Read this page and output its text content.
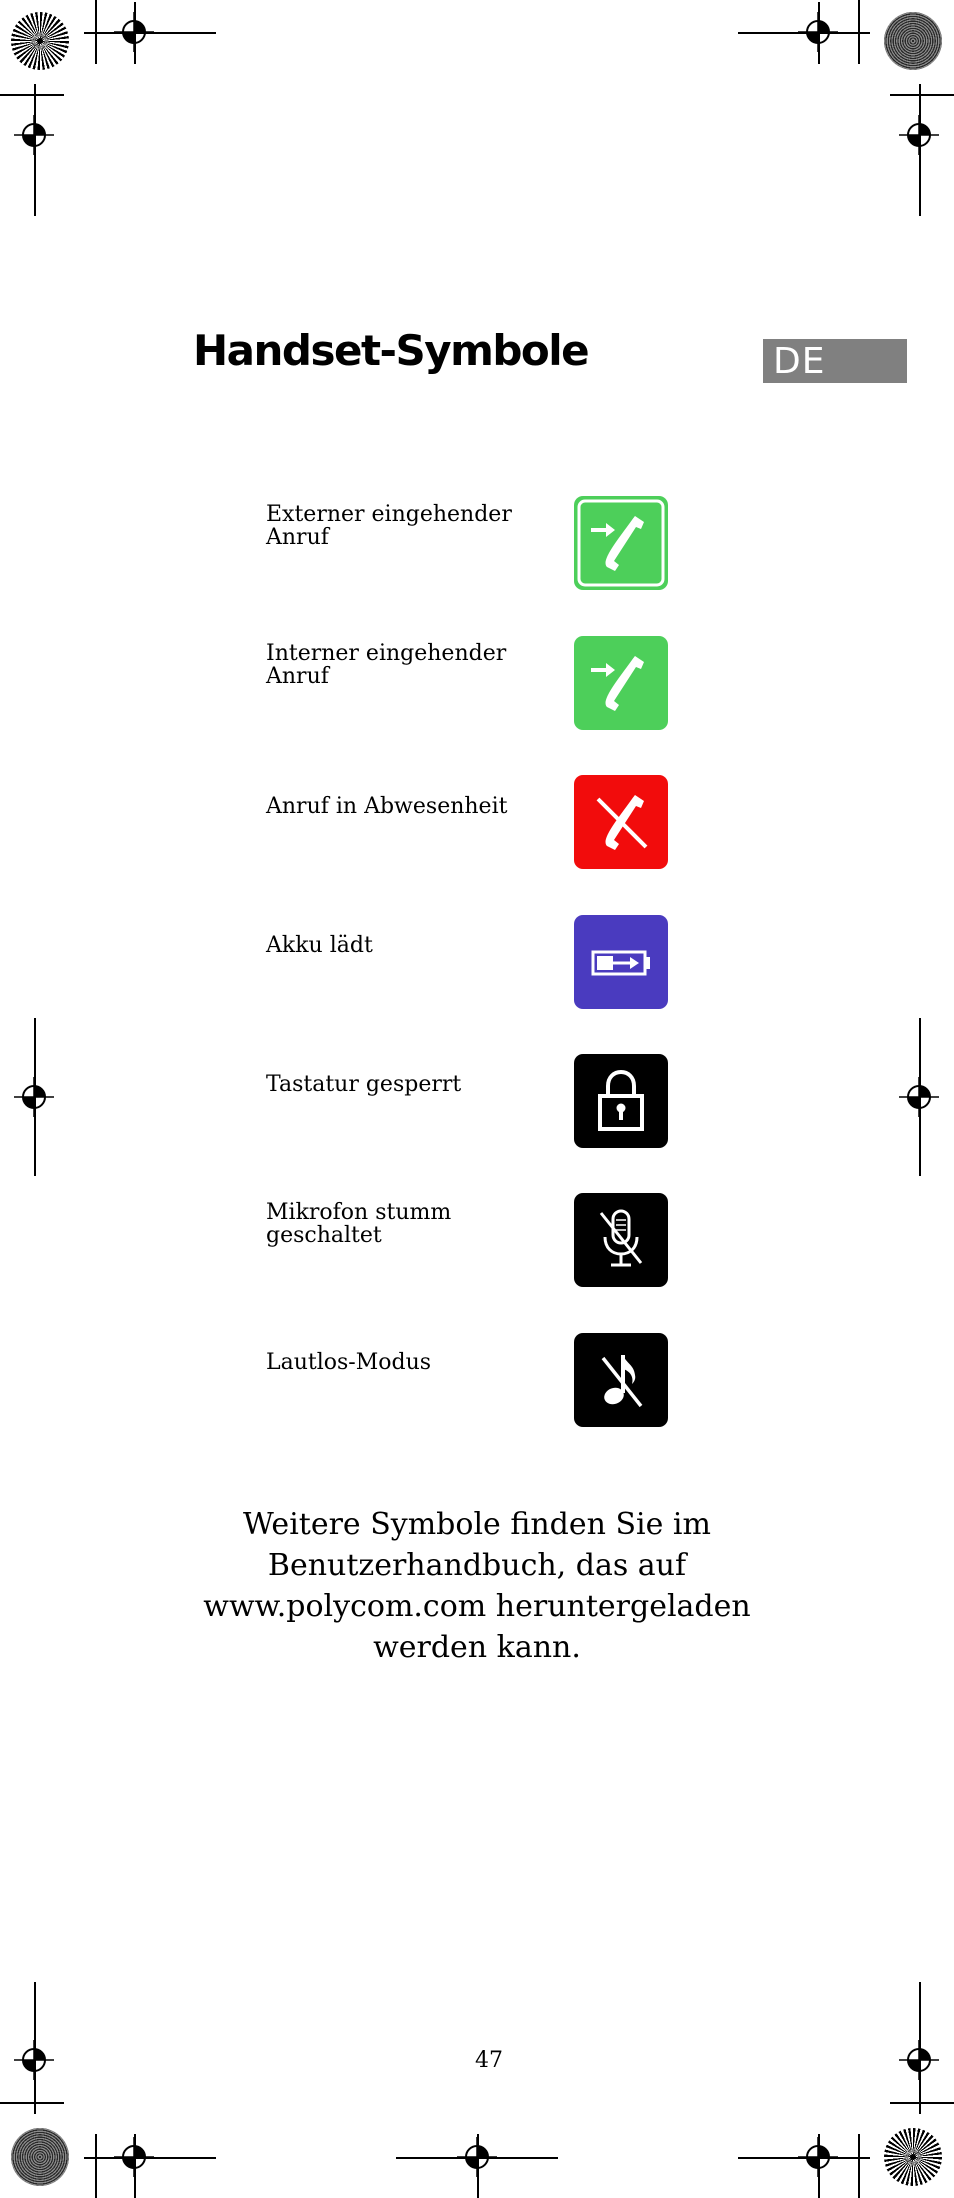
Handset-Symbole	DE
Externer eingehender Anruf
Interner eingehender Anruf
Anruf in Abwesenheit
Akku lädt
Tastatur gesperrt
Mikrofon stumm geschaltet
Lautlos-Modus
Weitere Symbole finden Sie im Benutzerhandbuch, das auf www.polycom.com heruntergeladen werden kann.
47
